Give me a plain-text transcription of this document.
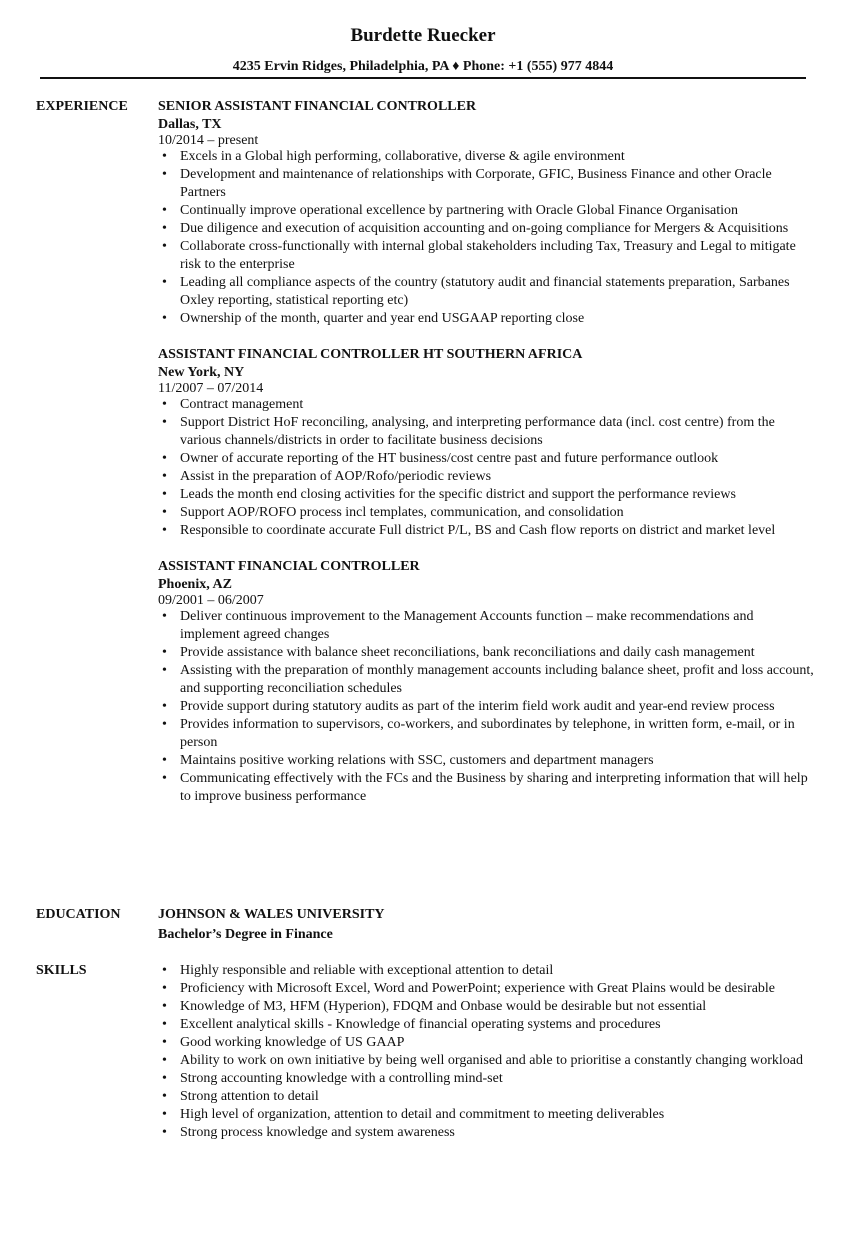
Burdette Ruecker
4235 Ervin Ridges, Philadelphia, PA ♦ Phone: +1 (555) 977 4844
EXPERIENCE	SENIOR ASSISTANT FINANCIAL CONTROLLER
Dallas, TX
10/2014 – present
• Excels in a Global high performing, collaborative, diverse & agile environment
• Development and maintenance of relationships with Corporate, GFIC, Business Finance and other Oracle Partners
• Continually improve operational excellence by partnering with Oracle Global Finance Organisation
• Due diligence and execution of acquisition accounting and on-going compliance for Mergers & Acquisitions
• Collaborate cross-functionally with internal global stakeholders including Tax, Treasury and Legal to mitigate risk to the enterprise
• Leading all compliance aspects of the country (statutory audit and financial statements preparation, Sarbanes Oxley reporting, statistical reporting etc)
• Ownership of the month, quarter and year end USGAAP reporting close
ASSISTANT FINANCIAL CONTROLLER HT SOUTHERN AFRICA
New York, NY
11/2007 – 07/2014
• Contract management
• Support District HoF reconciling, analysing, and interpreting performance data (incl. cost centre) from the various channels/districts in order to facilitate business decisions
• Owner of accurate reporting of the HT business/cost centre past and future performance outlook
• Assist in the preparation of AOP/Rofo/periodic reviews
• Leads the month end closing activities for the specific district and support the performance reviews
• Support AOP/ROFO process incl templates, communication, and consolidation
• Responsible to coordinate accurate Full district P/L, BS and Cash flow reports on district and market level
ASSISTANT FINANCIAL CONTROLLER
Phoenix, AZ
09/2001 – 06/2007
• Deliver continuous improvement to the Management Accounts function – make recommendations and implement agreed changes
• Provide assistance with balance sheet reconciliations, bank reconciliations and daily cash management
• Assisting with the preparation of monthly management accounts including balance sheet, profit and loss account, and supporting reconciliation schedules
• Provide support during statutory audits as part of the interim field work audit and year-end review process
• Provides information to supervisors, co-workers, and subordinates by telephone, in written form, e-mail, or in person
• Maintains positive working relations with SSC, customers and department managers
• Communicating effectively with the FCs and the Business by sharing and interpreting information that will help to improve business performance
EDUCATION	JOHNSON & WALES UNIVERSITY
Bachelor’s Degree in Finance
SKILLS
•	Highly responsible and reliable with exceptional attention to detail
• Proficiency with Microsoft Excel, Word and PowerPoint; experience with Great Plains would be desirable
• Knowledge of M3, HFM (Hyperion), FDQM and Onbase would be desirable but not essential
• Excellent analytical skills - Knowledge of financial operating systems and procedures
• Good working knowledge of US GAAP
• Ability to work on own initiative by being well organised and able to prioritise a constantly changing workload
• Strong accounting knowledge with a controlling mind-set
• Strong attention to detail
• High level of organization, attention to detail and commitment to meeting deliverables
• Strong process knowledge and system awareness
